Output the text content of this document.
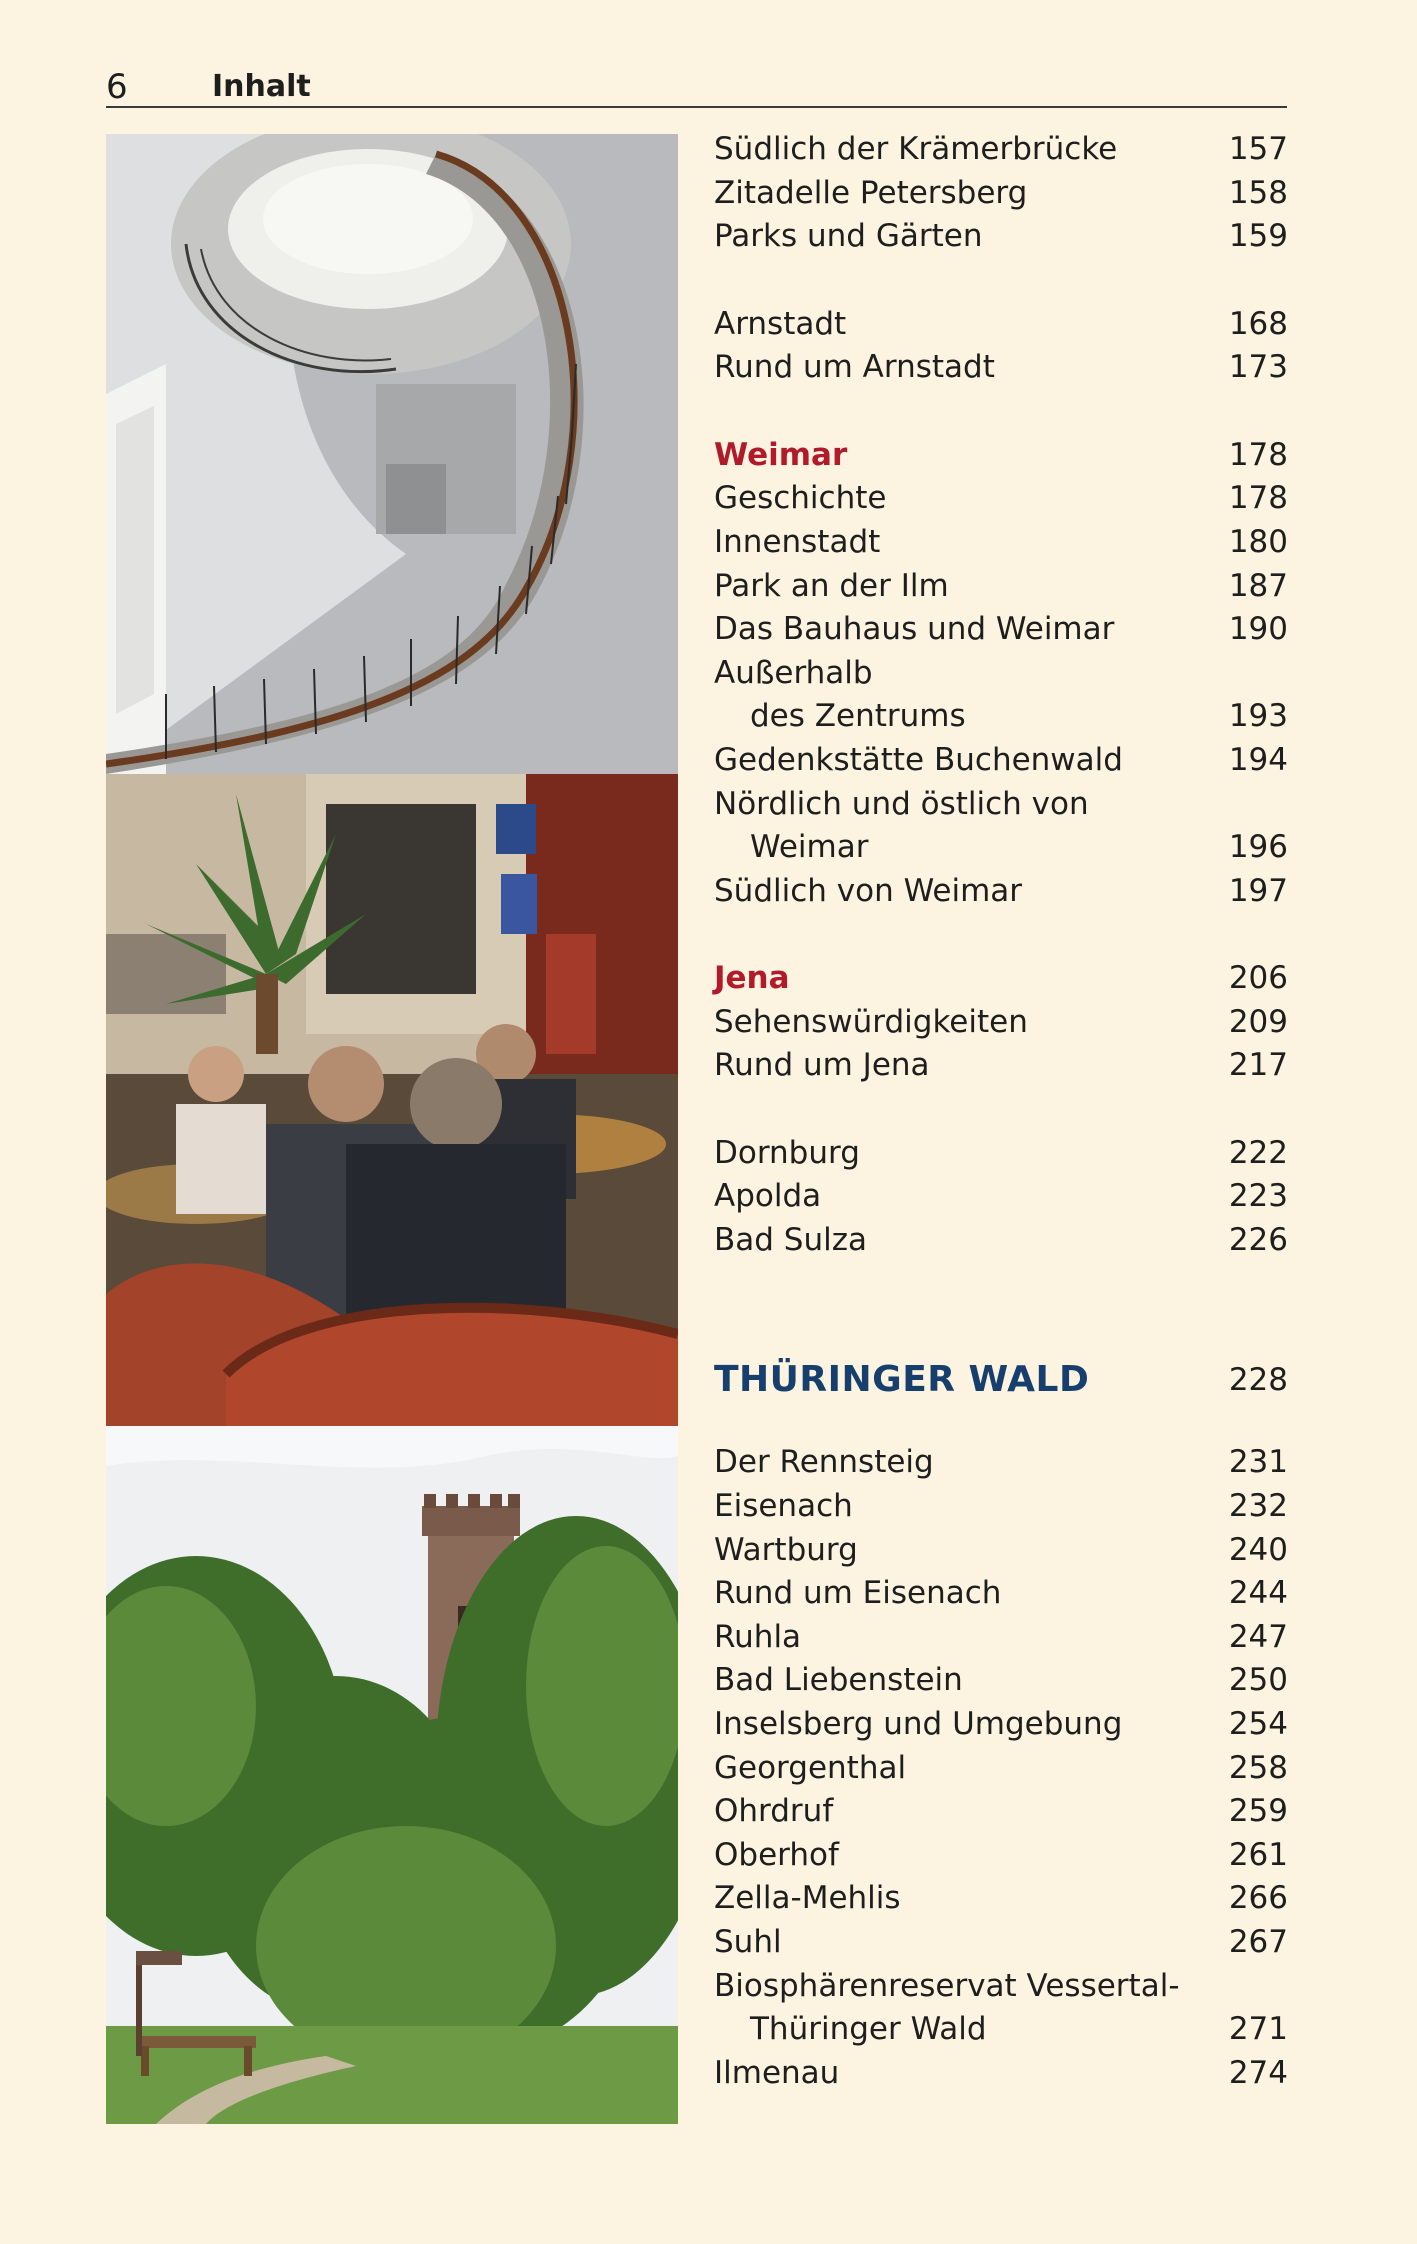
6	Inhalt
Südlich der Krämerbrücke	157
Zitadelle Petersberg	158
Parks und Gärten	159
Arnstadt	168
Rund um Arnstadt	173
Weimar	178
Geschichte	178
Innenstadt	180
Park an der Ilm	187
Das Bauhaus und Weimar	190
Außerhalb
des Zentrums	193
Gedenkstätte Buchenwald	194
Nördlich und östlich von
Weimar	196
Südlich von Weimar	197
Jena	206
Sehenswürdigkeiten	209
Rund um Jena	217
Dornburg	222
Apolda	223
Bad Sulza	226
THÜRINGER WALD	228
Der Rennsteig	231
Eisenach	232
Wartburg	240
Rund um Eisenach	244
Ruhla	247
Bad Liebenstein	250
Inselsberg und Umgebung	254
Georgenthal	258
Ohrdruf	259
Oberhof	261
Zella-Mehlis	266
Suhl	267
Biosphärenreservat Vessertal-
Thüringer Wald	271
Ilmenau	274
